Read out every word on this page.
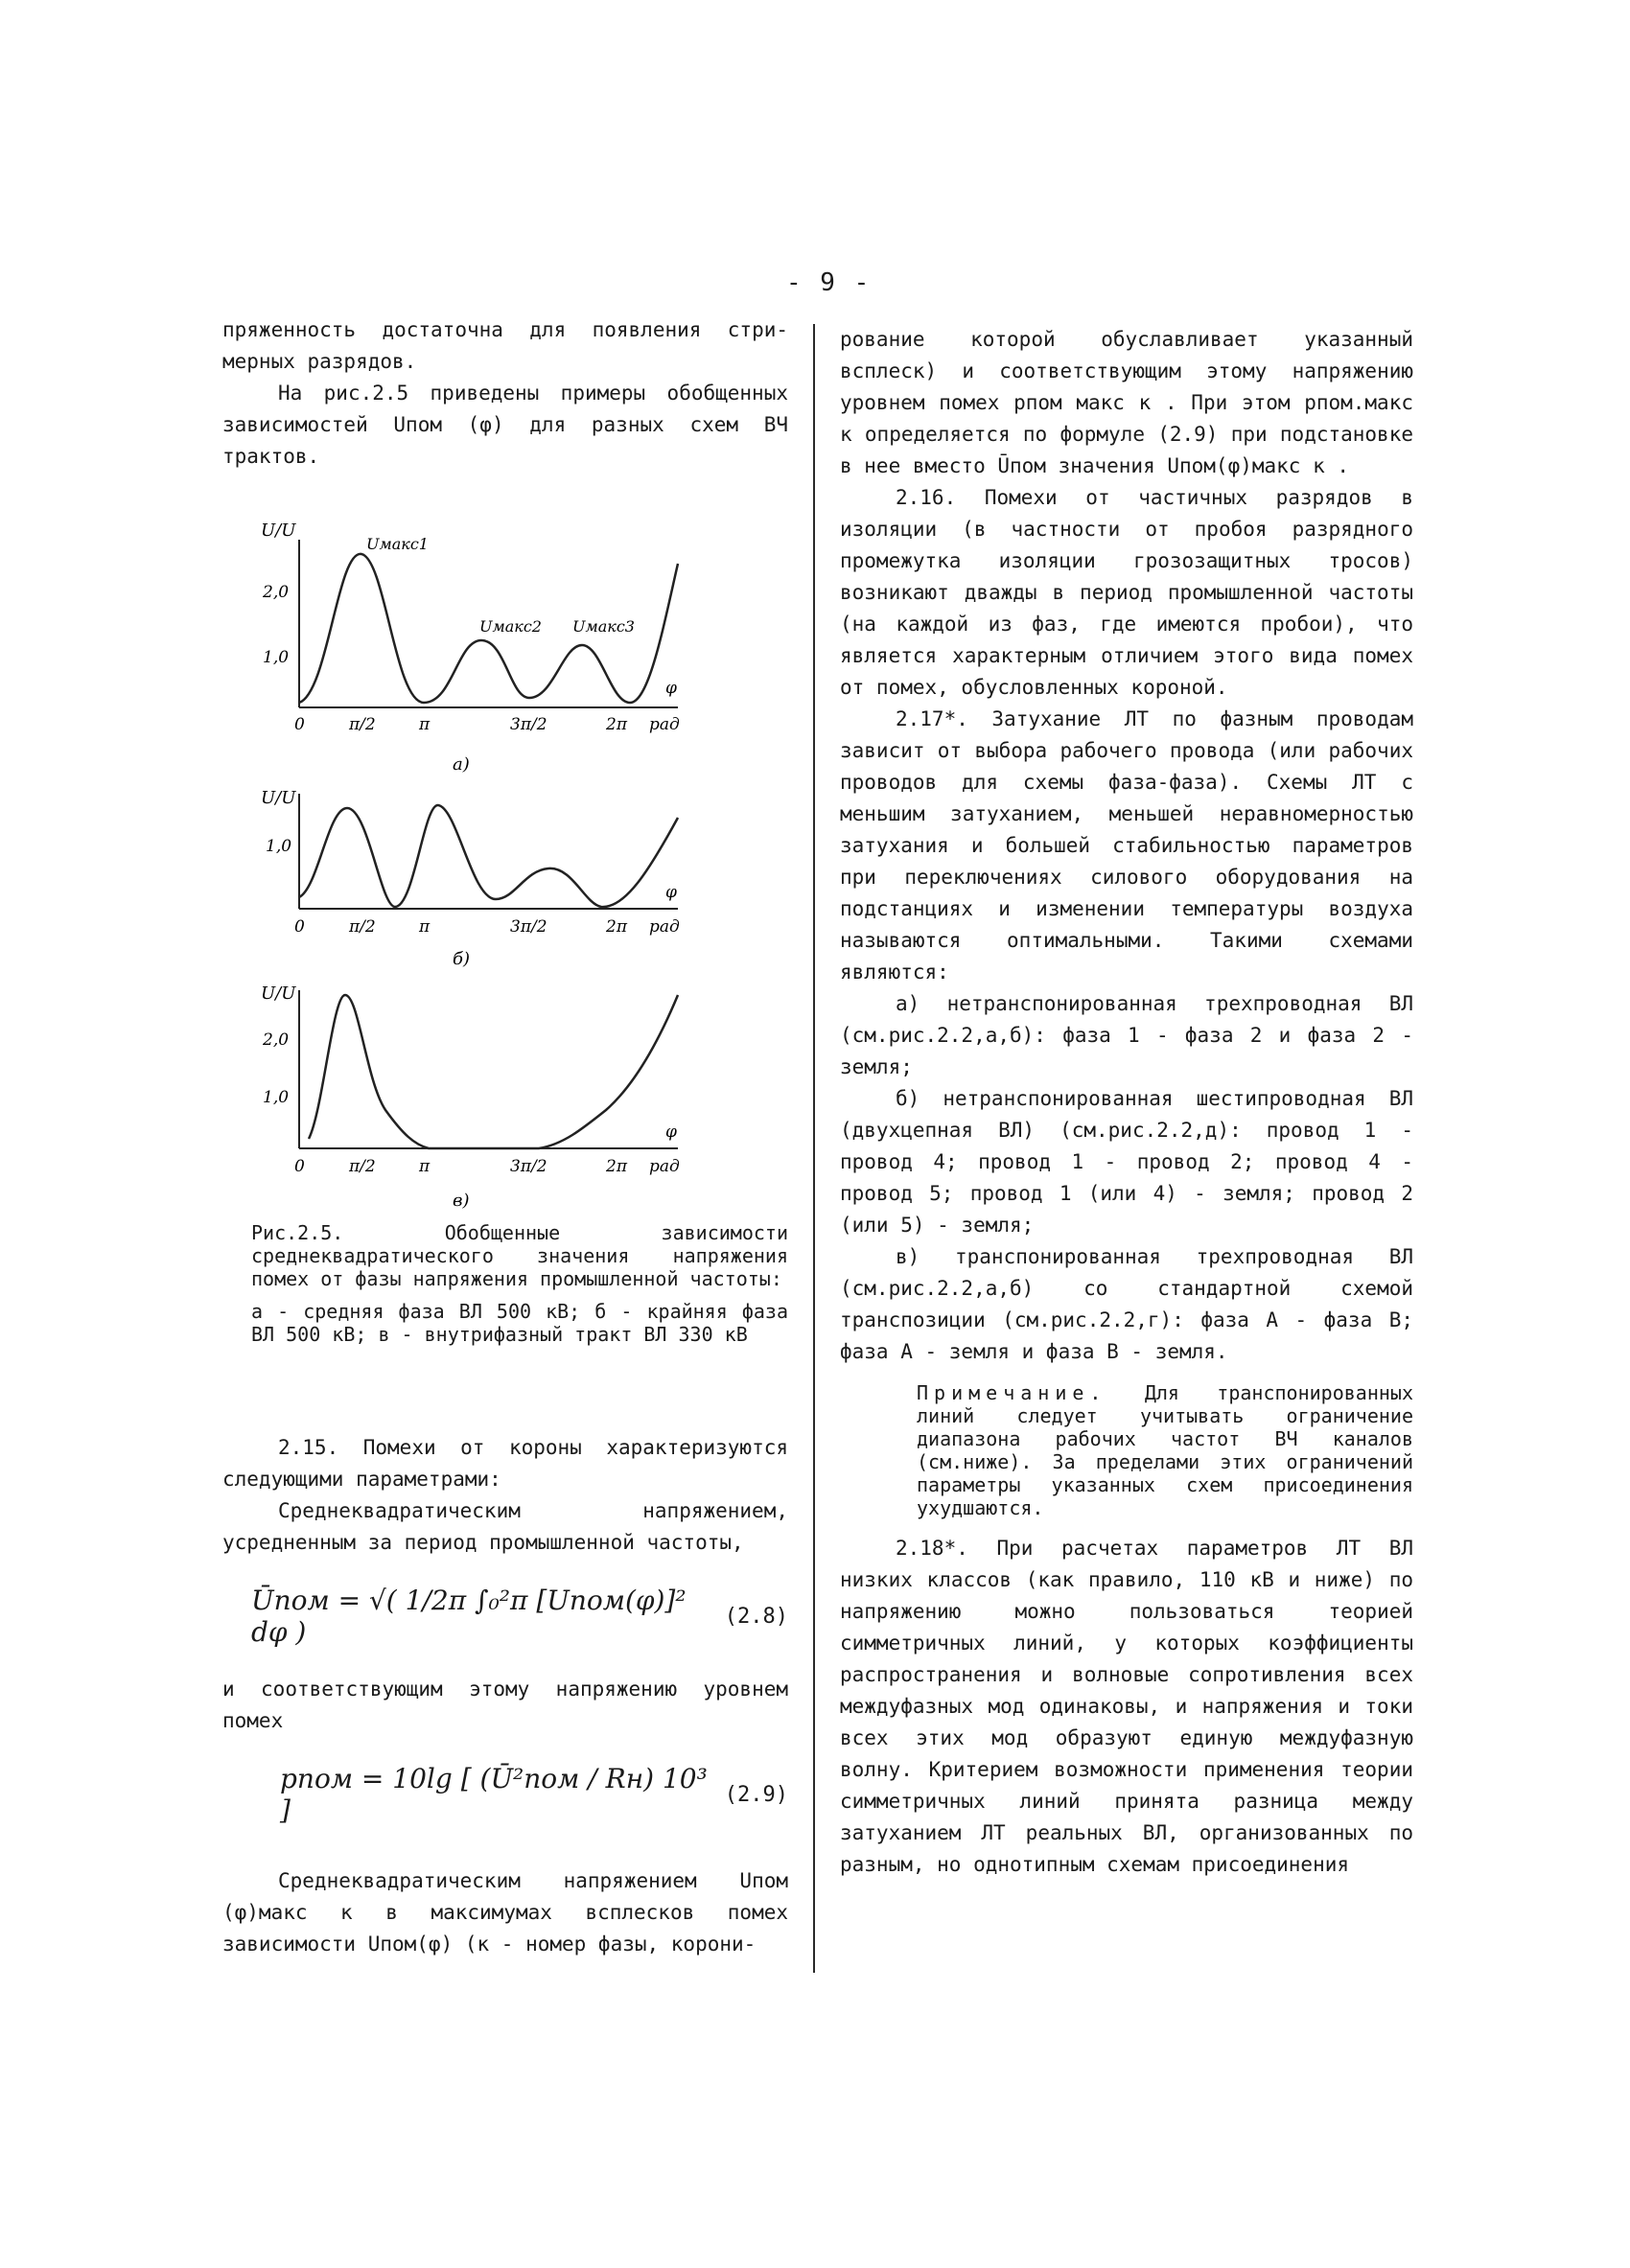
- 9 -

пряженность достаточна для появления стри-мерных разрядов.

На рис.2.5 приведены примеры обобщенных зависимостей Uпом (φ) для разных схем ВЧ трактов.

U/U
2,0
1,0
Uмакс1
Uмакс2 Uмакс3
φ
0	π/2	π	3π/2	2π рад
а)
U/U
1,0
φ
0	π/2	π	3π/2	2π рад
б)
U/U
2,0
1,0
φ
0	π/2	π	3π/2	2π рад
в)

Рис.2.5. Обобщенные зависимости среднеквадратического значения напряжения помех от фазы напряжения промышленной частоты:

а - средняя фаза ВЛ 500 кВ; б - крайняя фаза ВЛ 500 кВ; в - внутрифазный тракт ВЛ 330 кВ

2.15. Помехи от короны характеризуются следующими параметрами:

Среднеквадратическим напряжением, усредненным за период промышленной частоты,

Ūпом = √( 1/2π ∫₀²π [Uпом(φ)]² dφ )	(2.8)

и соответствующим этому напряжению уровнем помех

pпом = 10lg [ (Ū²пом / Rн) 10³ ]	(2.9)

Среднеквадратическим напряжением Uпом (φ)макс к в максимумах всплесков помех зависимости Uпом(φ) (к - номер фазы, корони-

рование которой обуславливает указанный всплеск) и соответствующим этому напряжению уровнем помех pпом макс к . При этом pпом.макс к определяется по формуле (2.9) при подстановке в нее вместо Ūпом значения Uпом(φ)макс к .

2.16. Помехи от частичных разрядов в изоляции (в частности от пробоя разрядного промежутка изоляции грозозащитных тросов) возникают дважды в период промышленной частоты (на каждой из фаз, где имеются пробои), что является характерным отличием этого вида помех от помех, обусловленных короной.

2.17*. Затухание ЛТ по фазным проводам зависит от выбора рабочего провода (или рабочих проводов для схемы фаза-фаза). Схемы ЛТ с меньшим затуханием, меньшей неравномерностью затухания и большей стабильностью параметров при переключениях силового оборудования на подстанциях и изменении температуры воздуха называются оптимальными. Такими схемами являются:

а) нетранспонированная трехпроводная ВЛ (см.рис.2.2,а,б): фаза 1 - фаза 2 и фаза 2 - земля;

б) нетранспонированная шестипроводная ВЛ (двухцепная ВЛ) (см.рис.2.2,д): провод 1 - провод 4; провод 1 - провод 2; провод 4 - провод 5; провод 1 (или 4) - земля; провод 2 (или 5) - земля;

в) транспонированная трехпроводная ВЛ (см.рис.2.2,а,б) со стандартной схемой транспозиции (см.рис.2.2,г): фаза А - фаза В; фаза А - земля и фаза В - земля.

Примечание. Для транспонированных линий следует учитывать ограничение диапазона рабочих частот ВЧ каналов (см.ниже). За пределами этих ограничений параметры указанных схем присоединения ухудшаются.

2.18*. При расчетах параметров ЛТ ВЛ низких классов (как правило, 110 кВ и ниже) по напряжению можно пользоваться теорией симметричных линий, у которых коэффициенты распространения и волновые сопротивления всех междуфазных мод одинаковы, и напряжения и токи всех этих мод образуют единую междуфазную волну. Критерием возможности применения теории симметричных линий принята разница между затуханием ЛТ реальных ВЛ, организованных по разным, но однотипным схемам присоединения
